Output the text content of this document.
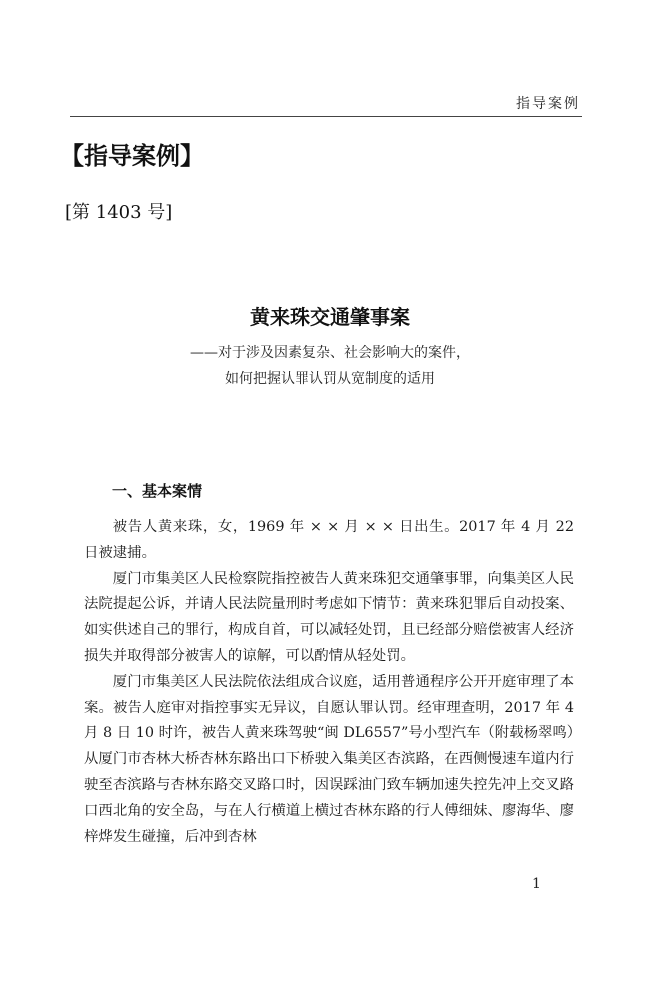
指导案例
【指导案例】
[第 1403 号]
黄来珠交通肇事案
——对于涉及因素复杂、社会影响大的案件，
如何把握认罪认罚从宽制度的适用
一、基本案情

被告人黄来珠，女，1969 年 × × 月 × × 日出生。2017 年 4 月 22 日被逮捕。

厦门市集美区人民检察院指控被告人黄来珠犯交通肇事罪，向集美区人民法院提起公诉，并请人民法院量刑时考虑如下情节：黄来珠犯罪后自动投案、如实供述自己的罪行，构成自首，可以减轻处罚，且已经部分赔偿被害人经济损失并取得部分被害人的谅解，可以酌情从轻处罚。

厦门市集美区人民法院依法组成合议庭，适用普通程序公开开庭审理了本案。被告人庭审对指控事实无异议，自愿认罪认罚。经审理查明，2017 年 4 月 8 日 10 时许，被告人黄来珠驾驶“闽 DL6557”号小型汽车（附载杨翠鸣）从厦门市杏林大桥杏林东路出口下桥驶入集美区杏滨路，在西侧慢速车道内行驶至杏滨路与杏林东路交叉路口时，因误踩油门致车辆加速失控先冲上交叉路口西北角的安全岛，与在人行横道上横过杏林东路的行人傅细妹、廖海华、廖梓烨发生碰撞，后冲到杏林

1
